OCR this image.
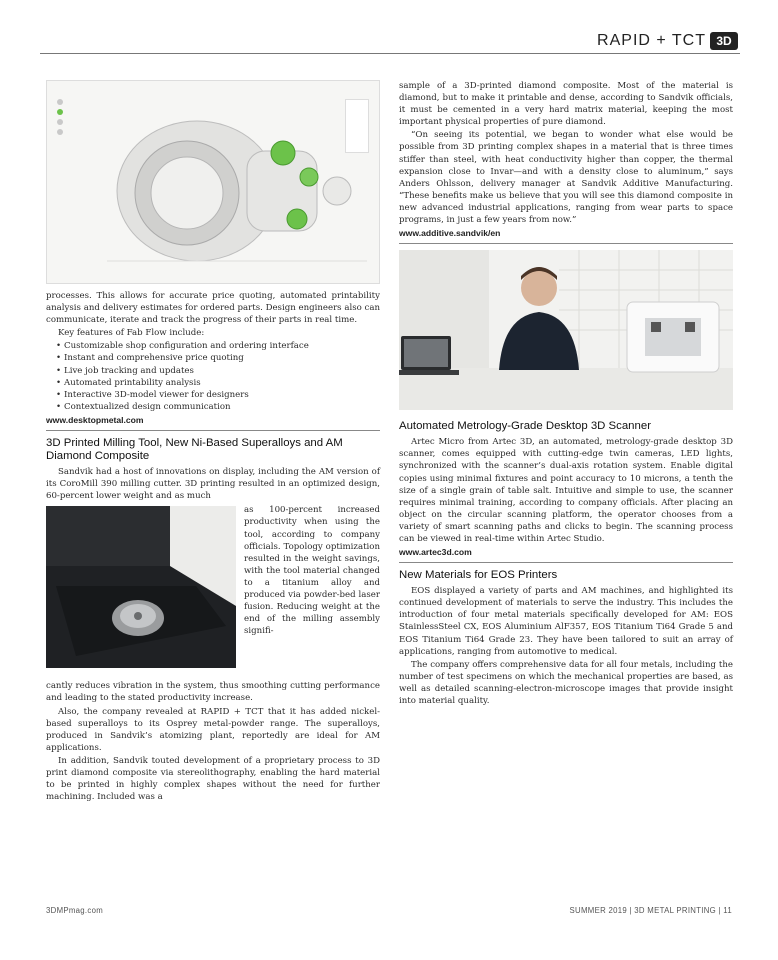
RAPID + TCT 3D

processes. This allows for accurate price quoting, automated printability analysis and delivery estimates for ordered parts. Design engineers also can communicate, iterate and track the progress of their parts in real time.

Key features of Fab Flow include:

• Customizable shop configuration and ordering interface
• Instant and comprehensive price quoting
• Live job tracking and updates
• Automated printability analysis
• Interactive 3D-model viewer for designers
• Contextualized design communication
www.desktopmetal.com
3D Printed Milling Tool, New Ni-Based Superalloys and AM Diamond Composite

Sandvik had a host of innovations on display, including the AM version of its CoroMill 390 milling cutter. 3D printing resulted in an optimized design, 60-percent lower weight and as much

as 100-percent increased productivity when using the tool, according to company officials. Topology optimization resulted in the weight savings, with the tool material changed to a titanium alloy and produced via powder-bed laser fusion. Reducing weight at the end of the milling assembly signifi-

cantly reduces vibration in the system, thus smoothing cutting performance and leading to the stated productivity increase.

Also, the company revealed at RAPID + TCT that it has added nickel-based superalloys to its Osprey metal-powder range. The superalloys, produced in Sandvik’s atomizing plant, reportedly are ideal for AM applications.

In addition, Sandvik touted development of a proprietary process to 3D print diamond composite via stereolithography, enabling the hard material to be printed in highly complex shapes without the need for further machining. Included was a

sample of a 3D-printed diamond composite. Most of the material is diamond, but to make it printable and dense, according to Sandvik officials, it must be cemented in a very hard matrix material, keeping the most important physical properties of pure diamond.

“On seeing its potential, we began to wonder what else would be possible from 3D printing complex shapes in a material that is three times stiffer than steel, with heat conductivity higher than copper, the thermal expansion close to Invar—and with a density close to aluminum,” says Anders Ohlsson, delivery manager at Sandvik Additive Manufacturing. “These benefits make us believe that you will see this diamond composite in new advanced industrial applications, ranging from wear parts to space programs, in just a few years from now.”

www.additive.sandvik/en
Automated Metrology-Grade Desktop 3D Scanner

Artec Micro from Artec 3D, an automated, metrology-grade desktop 3D scanner, comes equipped with cutting-edge twin cameras, LED lights, synchronized with the scanner’s dual-axis rotation system. Enable digital copies using minimal fixtures and point accuracy to 10 microns, a tenth the size of a single grain of table salt. Intuitive and simple to use, the scanner requires minimal training, according to company officials. After placing an object on the circular scanning platform, the operator chooses from a variety of smart scanning paths and clicks to begin. The scanning process can be viewed in real-time within Artec Studio.

www.artec3d.com
New Materials for EOS Printers

EOS displayed a variety of parts and AM machines, and highlighted its continued development of materials to serve the industry. This includes the introduction of four metal materials specifically developed for AM: EOS StainlessSteel CX, EOS Aluminium AlF357, EOS Titanium Ti64 Grade 5 and EOS Titanium Ti64 Grade 23. They have been tailored to suit an array of applications, ranging from automotive to medical.

The company offers comprehensive data for all four metals, including the number of test specimens on which the mechanical properties are based, as well as detailed scanning-electron-microscope images that provide insight into material quality.

3DMPmag.com	SUMMER 2019 | 3D METAL PRINTING | 11
